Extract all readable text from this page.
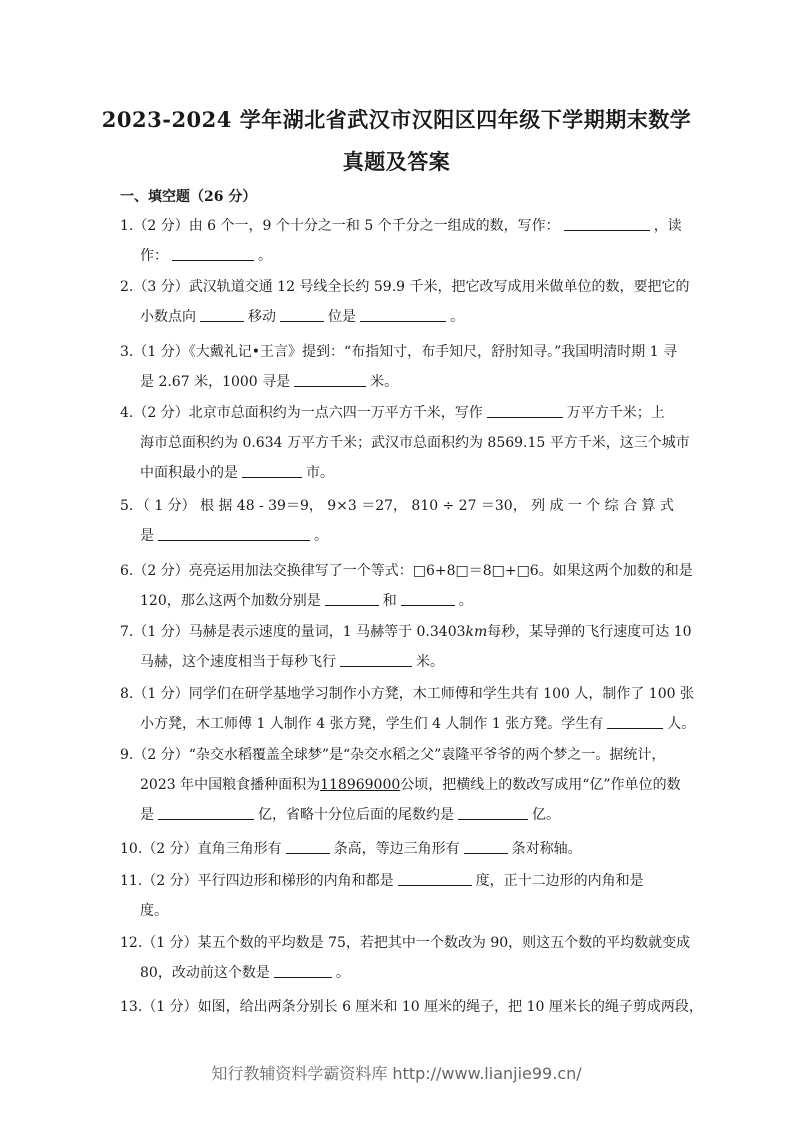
2023-2024 学年湖北省武汉市汉阳区四年级下学期期末数学
真题及答案
一、填空题（26 分）
1.（2 分）由 6 个一，9 个十分之一和 5 个千分之一组成的数，写作：	，读
作：	。
2.（3 分）武汉轨道交通 12 号线全长约 59.9 千米，把它改写成用米做单位的数，要把它的
小数点向	移动	位是	。
3.（1 分）《大戴礼记•王言》提到：“布指知寸，布手知尺，舒肘知寻。”我国明清时期 1 寻
是 2.67 米，1000 寻是	米。
4.（2 分）北京市总面积约为一点六四一万平方千米，写作	万平方千米；上
海市总面积约为 0.634 万平方千米；武汉市总面积约为 8569.15 平方千米，这三个城市
中面积最小的是	市。
5．（ 1 分） 根 据 48 - 39＝9， 9×3 ＝27， 810 ÷ 27 ＝30， 列 成 一 个 综 合 算 式
是	。
6.（2 分）亮亮运用加法交换律写了一个等式：□6+8□＝8□+□6。如果这两个加数的和是
120，那么这两个加数分别是	和	。
7.（1 分）马赫是表示速度的量词，1 马赫等于 0.3403km每秒，某导弹的飞行速度可达 10
马赫，这个速度相当于每秒飞行	米。
8.（1 分）同学们在研学基地学习制作小方凳，木工师傅和学生共有 100 人，制作了 100 张
小方凳，木工师傅 1 人制作 4 张方凳，学生们 4 人制作 1 张方凳。学生有	人。
9.（2 分）“杂交水稻覆盖全球梦”是“杂交水稻之父”袁隆平爷爷的两个梦之一。据统计，
2023 年中国粮食播种面积为118969000公顷，把横线上的数改写成用“亿”作单位的数
是	亿，省略十分位后面的尾数约是	亿。
10.（2 分）直角三角形有	条高，等边三角形有	条对称轴。
11.（2 分）平行四边形和梯形的内角和都是	度，正十二边形的内角和是
度。
12.（1 分）某五个数的平均数是 75，若把其中一个数改为 90，则这五个数的平均数就变成
80，改动前这个数是	。
13.（1 分）如图，给出两条分别长 6 厘米和 10 厘米的绳子，把 10 厘米长的绳子剪成两段，
知行教辅资料学霸资料库 http://www.lianjie99.cn/
